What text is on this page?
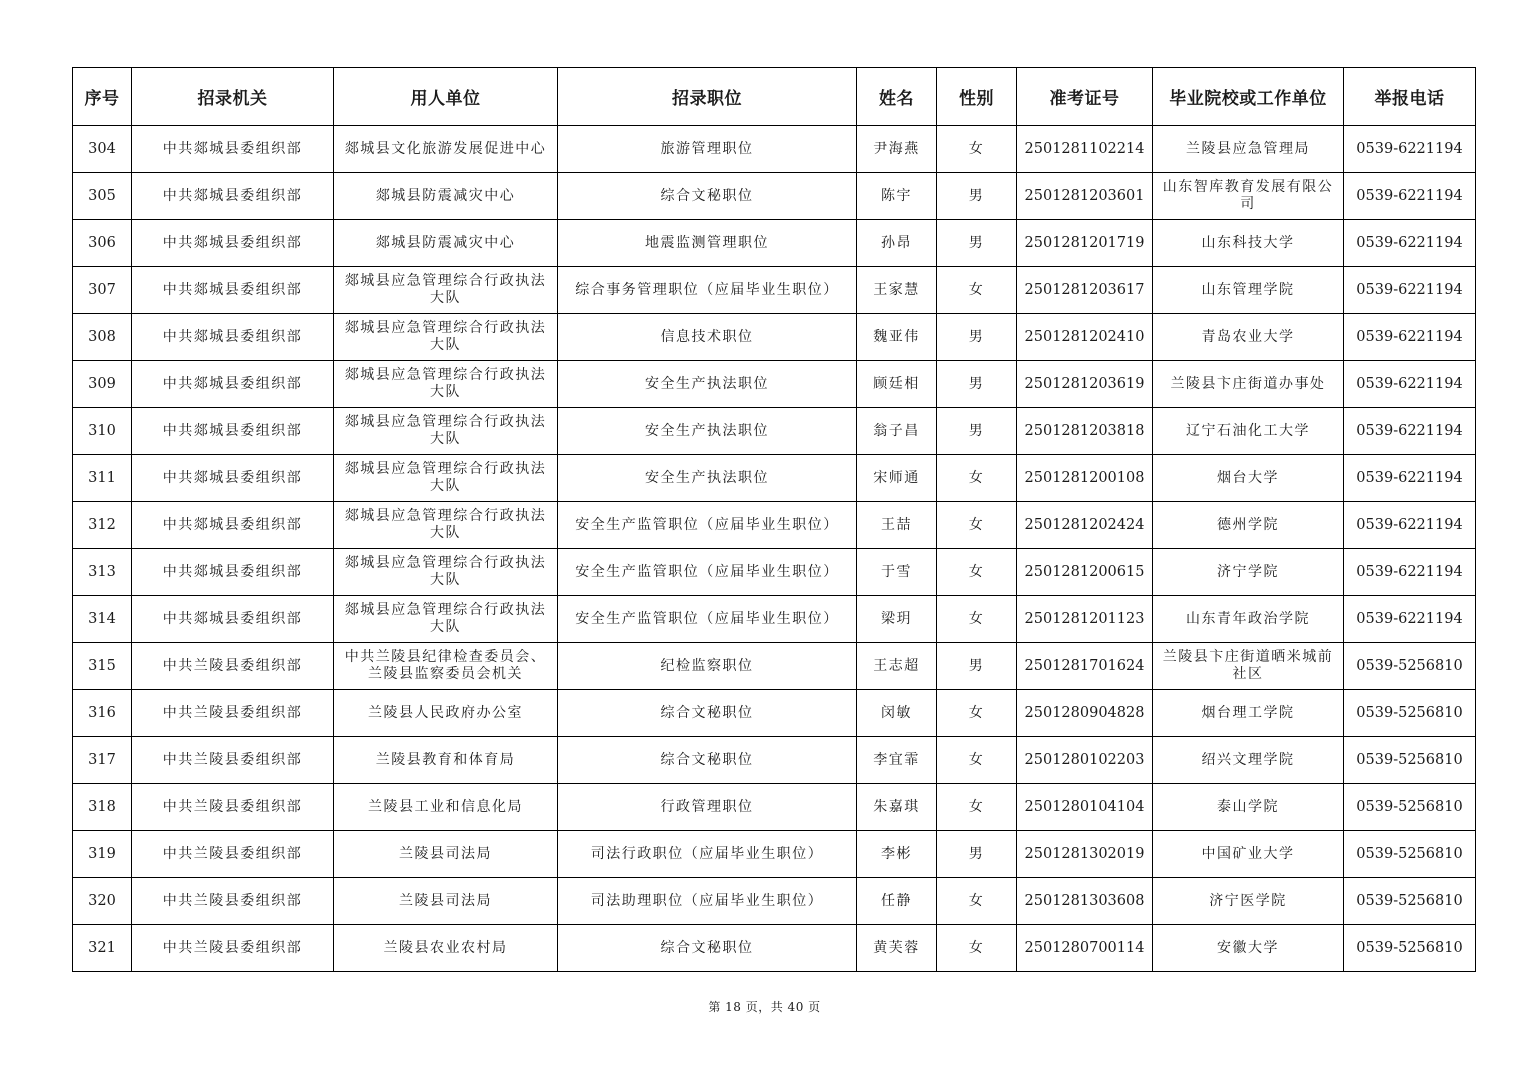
序号	招录机关	用人单位	招录职位	姓名	性别	准考证号	毕业院校或工作单位	举报电话
304	中共郯城县委组织部	郯城县文化旅游发展促进中心	旅游管理职位	尹海燕	女	2501281102214	兰陵县应急管理局	0539-6221194
305	中共郯城县委组织部	郯城县防震减灾中心	综合文秘职位	陈宇	男	2501281203601	山东智库教育发展有限公司	0539-6221194
306	中共郯城县委组织部	郯城县防震减灾中心	地震监测管理职位	孙昂	男	2501281201719	山东科技大学	0539-6221194
307	中共郯城县委组织部	郯城县应急管理综合行政执法大队	综合事务管理职位（应届毕业生职位）	王家慧	女	2501281203617	山东管理学院	0539-6221194
308	中共郯城县委组织部	郯城县应急管理综合行政执法大队	信息技术职位	魏亚伟	男	2501281202410	青岛农业大学	0539-6221194
309	中共郯城县委组织部	郯城县应急管理综合行政执法大队	安全生产执法职位	顾廷相	男	2501281203619	兰陵县卞庄街道办事处	0539-6221194
310	中共郯城县委组织部	郯城县应急管理综合行政执法大队	安全生产执法职位	翁子昌	男	2501281203818	辽宁石油化工大学	0539-6221194
311	中共郯城县委组织部	郯城县应急管理综合行政执法大队	安全生产执法职位	宋师通	女	2501281200108	烟台大学	0539-6221194
312	中共郯城县委组织部	郯城县应急管理综合行政执法大队	安全生产监管职位（应届毕业生职位）	王喆	女	2501281202424	德州学院	0539-6221194
313	中共郯城县委组织部	郯城县应急管理综合行政执法大队	安全生产监管职位（应届毕业生职位）	于雪	女	2501281200615	济宁学院	0539-6221194
314	中共郯城县委组织部	郯城县应急管理综合行政执法大队	安全生产监管职位（应届毕业生职位）	梁玥	女	2501281201123	山东青年政治学院	0539-6221194
315	中共兰陵县委组织部	中共兰陵县纪律检查委员会、兰陵县监察委员会机关	纪检监察职位	王志超	男	2501281701624	兰陵县卞庄街道晒米城前社区	0539-5256810
316	中共兰陵县委组织部	兰陵县人民政府办公室	综合文秘职位	闵敏	女	2501280904828	烟台理工学院	0539-5256810
317	中共兰陵县委组织部	兰陵县教育和体育局	综合文秘职位	李宜霏	女	2501280102203	绍兴文理学院	0539-5256810
318	中共兰陵县委组织部	兰陵县工业和信息化局	行政管理职位	朱嘉琪	女	2501280104104	泰山学院	0539-5256810
319	中共兰陵县委组织部	兰陵县司法局	司法行政职位（应届毕业生职位）	李彬	男	2501281302019	中国矿业大学	0539-5256810
320	中共兰陵县委组织部	兰陵县司法局	司法助理职位（应届毕业生职位）	任静	女	2501281303608	济宁医学院	0539-5256810
321	中共兰陵县委组织部	兰陵县农业农村局	综合文秘职位	黄芙蓉	女	2501280700114	安徽大学	0539-5256810
第 18 页，共 40 页
